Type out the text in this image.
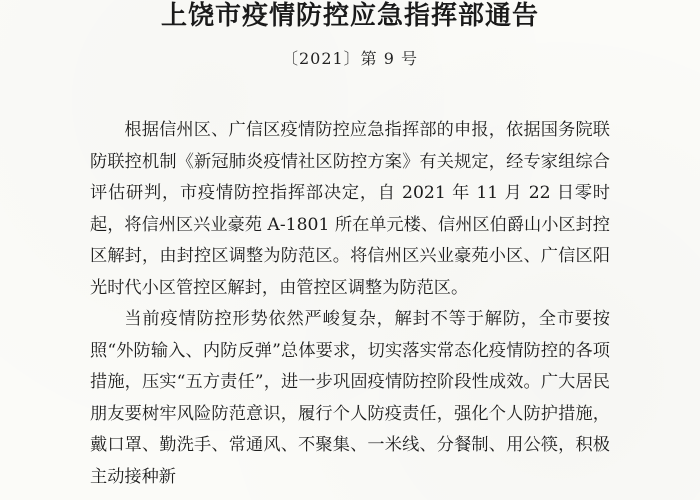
上饶市疫情防控应急指挥部通告
〔2021〕第 9 号

根据信州区、广信区疫情防控应急指挥部的申报，依据国务院联防联控机制《新冠肺炎疫情社区防控方案》有关规定，经专家组综合评估研判，市疫情防控指挥部决定，自 2021 年 11 月 22 日零时起，将信州区兴业豪苑 A-1801 所在单元楼、信州区伯爵山小区封控区解封，由封控区调整为防范区。将信州区兴业豪苑小区、广信区阳光时代小区管控区解封，由管控区调整为防范区。

当前疫情防控形势依然严峻复杂，解封不等于解防，全市要按照“外防输入、内防反弹”总体要求，切实落实常态化疫情防控的各项措施，压实“五方责任”，进一步巩固疫情防控阶段性成效。广大居民朋友要树牢风险防范意识，履行个人防疫责任，强化个人防护措施，戴口罩、勤洗手、常通风、不聚集、一米线、分餐制、用公筷，积极主动接种新
